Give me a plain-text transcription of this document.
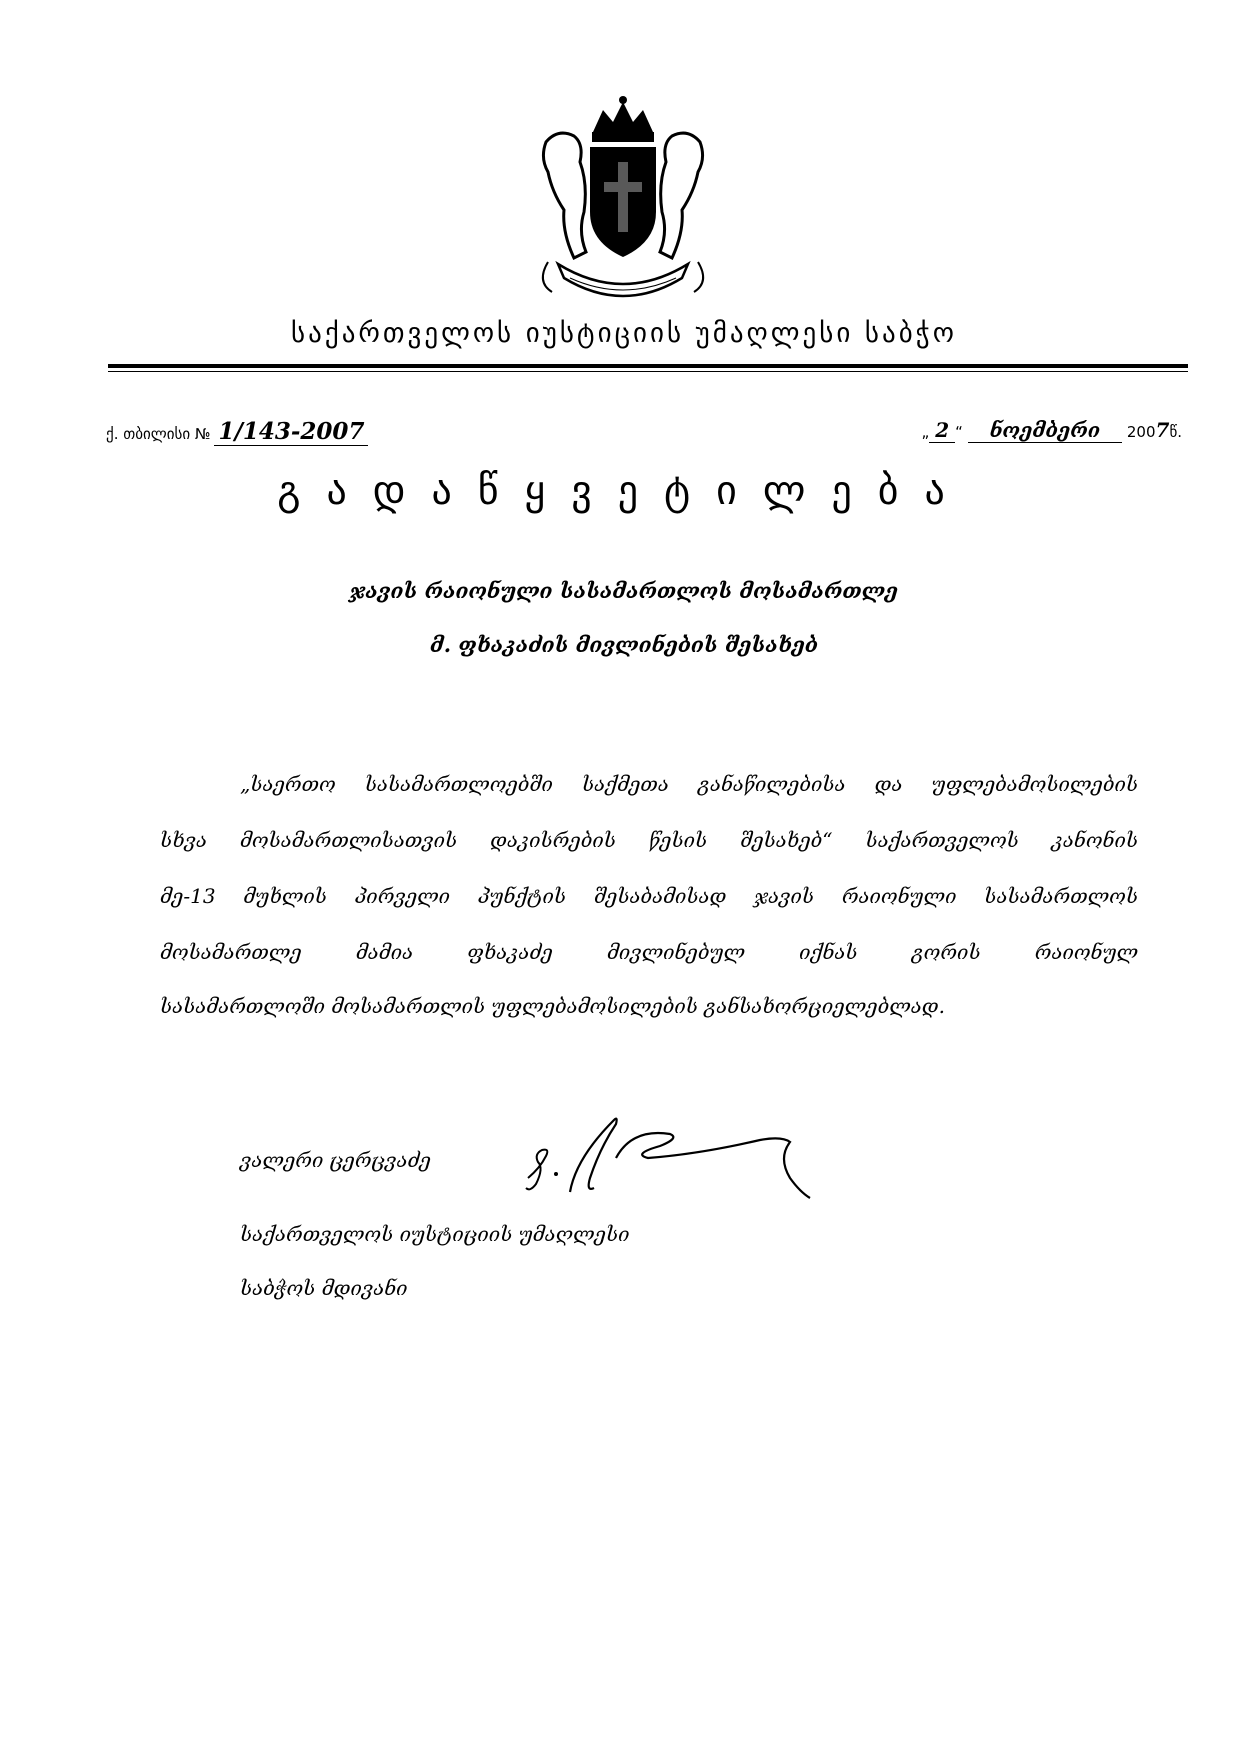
საქართველოს იუსტიციის უმაღლესი საბჭო
ქ. თბილისი № 1/143-2007	„ 2 “ ნოემბერი 2007წ.
გადაწყვეტილება
ჯავის რაიონული სასამართლოს მოსამართლე
მ. ფხაკაძის მივლინების შესახებ
„საერთო სასამართლოებში საქმეთა განაწილებისა და უფლებამოსილების
სხვა მოსამართლისათვის დაკისრების წესის შესახებ“ საქართველოს კანონის
მე-13 მუხლის პირველი პუნქტის შესაბამისად ჯავის რაიონული სასამართლოს
მოსამართლე მამია ფხაკაძე მივლინებულ იქნას გორის რაიონულ
სასამართლოში მოსამართლის უფლებამოსილების განსახორციელებლად.
ვალერი ცერცვაძე
საქართველოს იუსტიციის უმაღლესი
საბჭოს მდივანი
